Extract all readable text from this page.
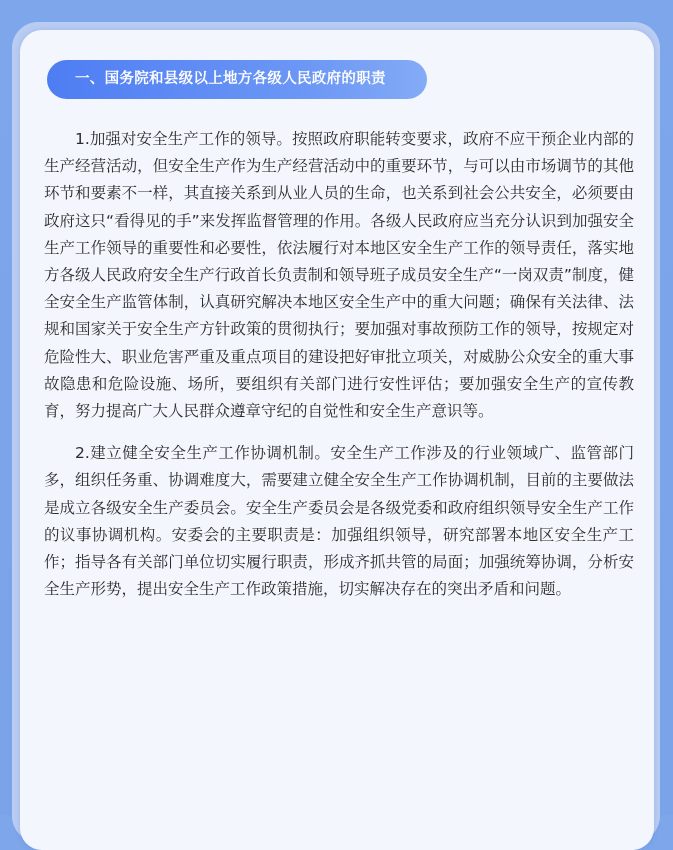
一、国务院和县级以上地方各级人民政府的职责

1.加强对安全生产工作的领导。按照政府职能转变要求，政府不应干预企业内部的生产经营活动，但安全生产作为生产经营活动中的重要环节，与可以由市场调节的其他环节和要素不一样，其直接关系到从业人员的生命，也关系到社会公共安全，必须要由政府这只“看得见的手”来发挥监督管理的作用。各级人民政府应当充分认识到加强安全生产工作领导的重要性和必要性，依法履行对本地区安全生产工作的领导责任，落实地方各级人民政府安全生产行政首长负责制和领导班子成员安全生产“一岗双责”制度，健全安全生产监管体制，认真研究解决本地区安全生产中的重大问题；确保有关法律、法规和国家关于安全生产方针政策的贯彻执行；要加强对事故预防工作的领导，按规定对危险性大、职业危害严重及重点项目的建设把好审批立项关，对威胁公众安全的重大事故隐患和危险设施、场所，要组织有关部门进行安性评估；要加强安全生产的宣传教育，努力提高广大人民群众遵章守纪的自觉性和安全生产意识等。

2.建立健全安全生产工作协调机制。安全生产工作涉及的行业领域广、监管部门多，组织任务重、协调难度大，需要建立健全安全生产工作协调机制，目前的主要做法是成立各级安全生产委员会。安全生产委员会是各级党委和政府组织领导安全生产工作的议事协调机构。安委会的主要职责是：加强组织领导，研究部署本地区安全生产工作；指导各有关部门单位切实履行职责，形成齐抓共管的局面；加强统筹协调，分析安全生产形势，提出安全生产工作政策措施，切实解决存在的突出矛盾和问题。
